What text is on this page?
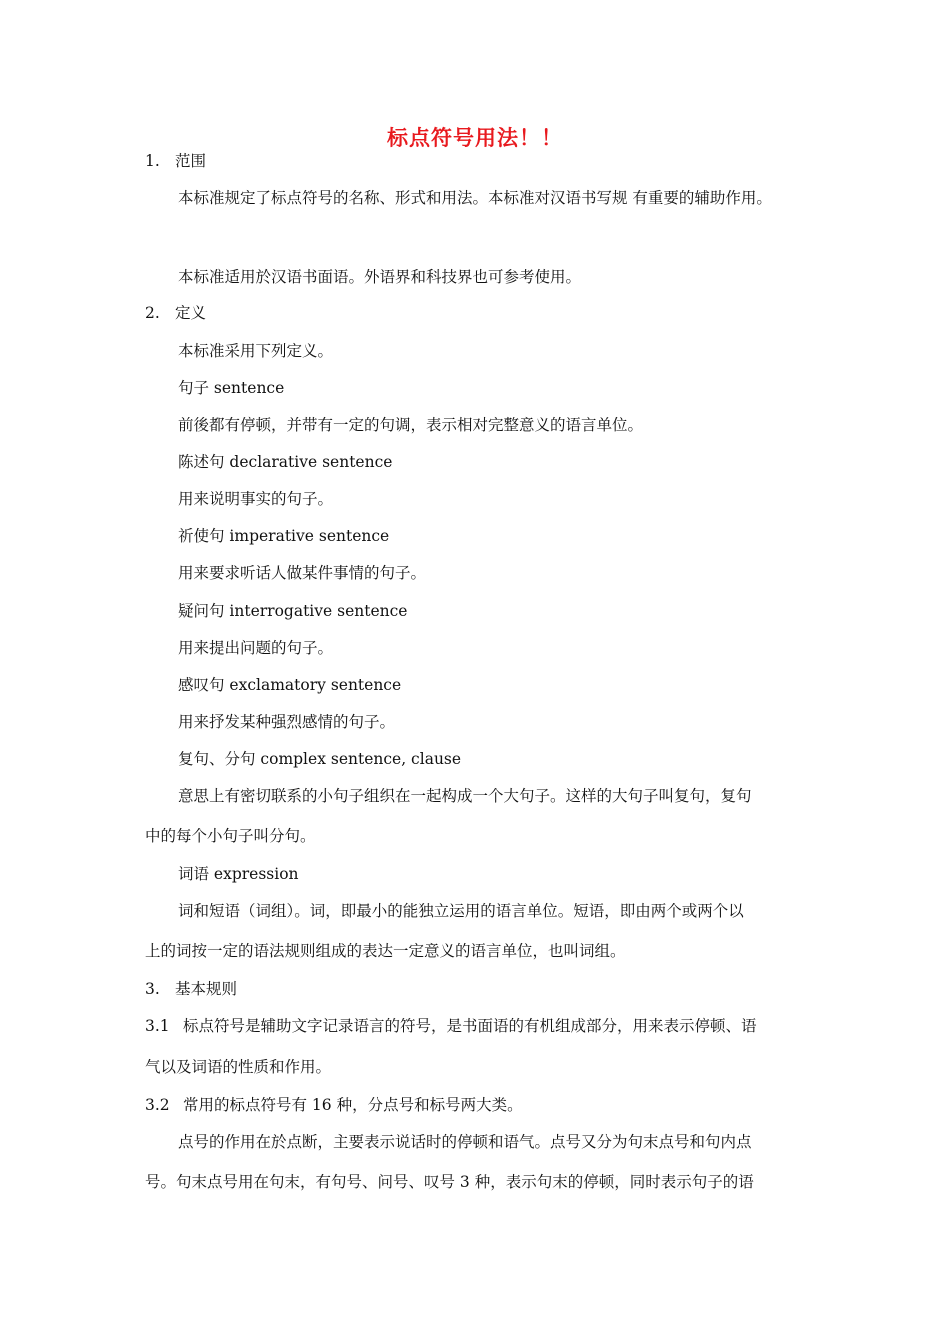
标点符号用法！！
1. 范围
本标准规定了标点符号的名称、形式和用法。本标准对汉语书写规 有重要的辅助作用。
本标准适用於汉语书面语。外语界和科技界也可参考使用。
2. 定义
本标准采用下列定义。
句子 sentence
前後都有停顿，并带有一定的句调，表示相对完整意义的语言单位。
陈述句 declarative sentence
用来说明事实的句子。
祈使句 imperative sentence
用来要求听话人做某件事情的句子。
疑问句 interrogative sentence
用来提出问题的句子。
感叹句 exclamatory sentence
用来抒发某种强烈感情的句子。
复句、分句 complex sentence, clause
意思上有密切联系的小句子组织在一起构成一个大句子。这样的大句子叫复句，复句
中的每个小句子叫分句。
词语 expression
词和短语（词组）。词，即最小的能独立运用的语言单位。短语，即由两个或两个以
上的词按一定的语法规则组成的表达一定意义的语言单位，也叫词组。
3. 基本规则
3.1 标点符号是辅助文字记录语言的符号，是书面语的有机组成部分，用来表示停顿、语
气以及词语的性质和作用。
3.2 常用的标点符号有 16 种，分点号和标号两大类。
点号的作用在於点断，主要表示说话时的停顿和语气。点号又分为句末点号和句内点
号。句末点号用在句末，有句号、问号、叹号 3 种，表示句末的停顿，同时表示句子的语
